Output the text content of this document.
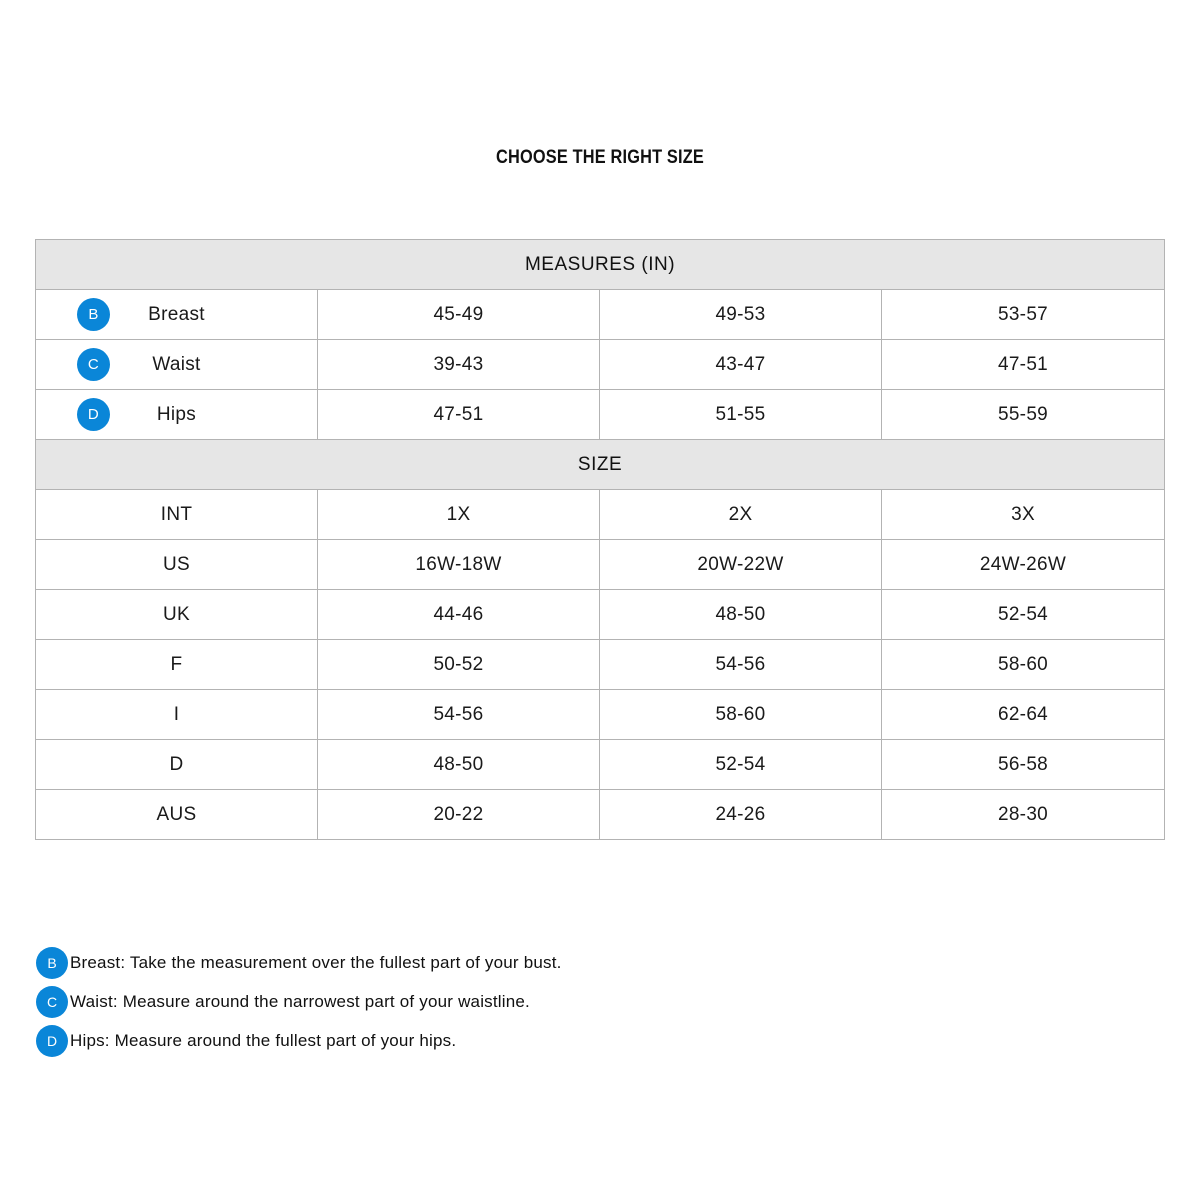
CHOOSE THE RIGHT SIZE
MEASURES (IN)			

B Breast	45-49	49-53	53-57

C Waist	39-43	43-47	47-51

D Hips	47-51	51-55	55-59
SIZE			
INT	1X	2X	3X
US	16W-18W	20W-22W	24W-26W
UK	44-46	48-50	52-54
F	50-52	54-56	58-60
I	54-56	58-60	62-64
D	48-50	52-54	56-58
AUS	20-22	24-26	28-30
B Breast: Take the measurement over the fullest part of your bust.
C Waist: Measure around the narrowest part of your waistline.
D Hips: Measure around the fullest part of your hips.
